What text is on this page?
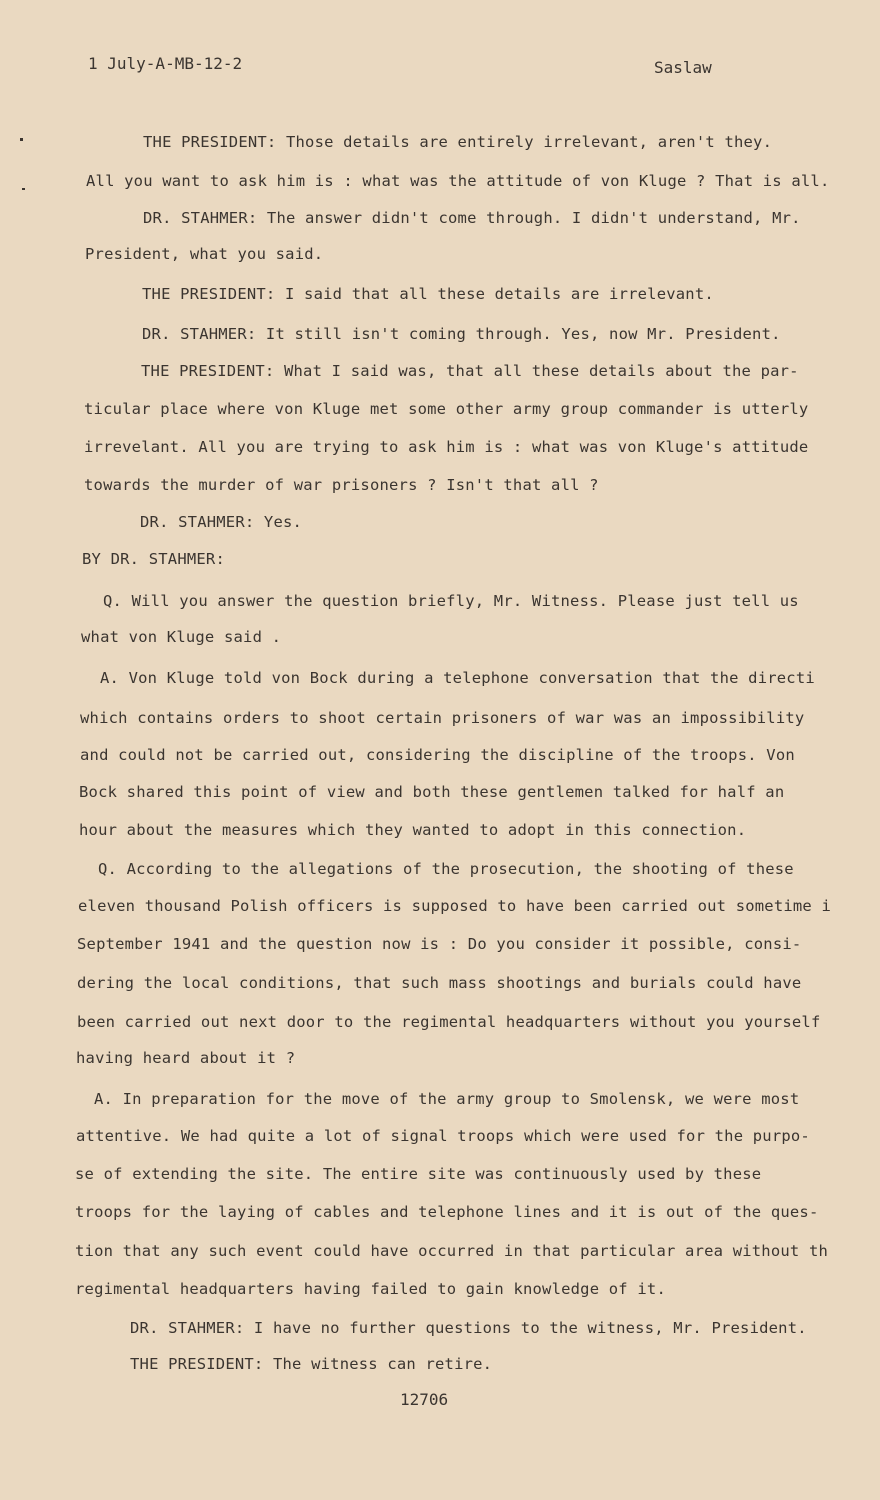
1 July-A-MB-12-2	Saslaw
THE PRESIDENT: Those details are entirely irrelevant, aren't they.
All you want to ask him is : what was the attitude of von Kluge ? That is all.
DR. STAHMER: The answer didn't come through. I didn't understand, Mr.
President, what you said.
THE PRESIDENT: I said that all these details are irrelevant.
DR. STAHMER: It still isn't coming through. Yes, now Mr. President.
THE PRESIDENT: What I said was, that all these details about the par-
ticular place where von Kluge met some other army group commander is utterly
irrevelant. All you are trying to ask him is : what was von Kluge's attitude
towards the murder of war prisoners ? Isn't that all ?
DR. STAHMER: Yes.
BY DR. STAHMER:
Q. Will you answer the question briefly, Mr. Witness. Please just tell us
what von Kluge said .
A. Von Kluge told von Bock during a telephone conversation that the directi
which contains orders to shoot certain prisoners of war was an impossibility
and could not be carried out, considering the discipline of the troops. Von
Bock shared this point of view and both these gentlemen talked for half an
hour about the measures which they wanted to adopt in this connection.
Q. According to the allegations of the prosecution, the shooting of these
eleven thousand Polish officers is supposed to have been carried out sometime i
September 1941 and the question now is : Do you consider it possible, consi-
dering the local conditions, that such mass shootings and burials could have
been carried out next door to the regimental headquarters without you yourself
having heard about it ?
A. In preparation for the move of the army group to Smolensk, we were most
attentive. We had quite a lot of signal troops which were used for the purpo-
se of extending the site. The entire site was continuously used by these
troops for the laying of cables and telephone lines and it is out of the ques-
tion that any such event could have occurred in that particular area without th
regimental headquarters having failed to gain knowledge of it.
DR. STAHMER: I have no further questions to the witness, Mr. President.
THE PRESIDENT: The witness can retire.
12706
